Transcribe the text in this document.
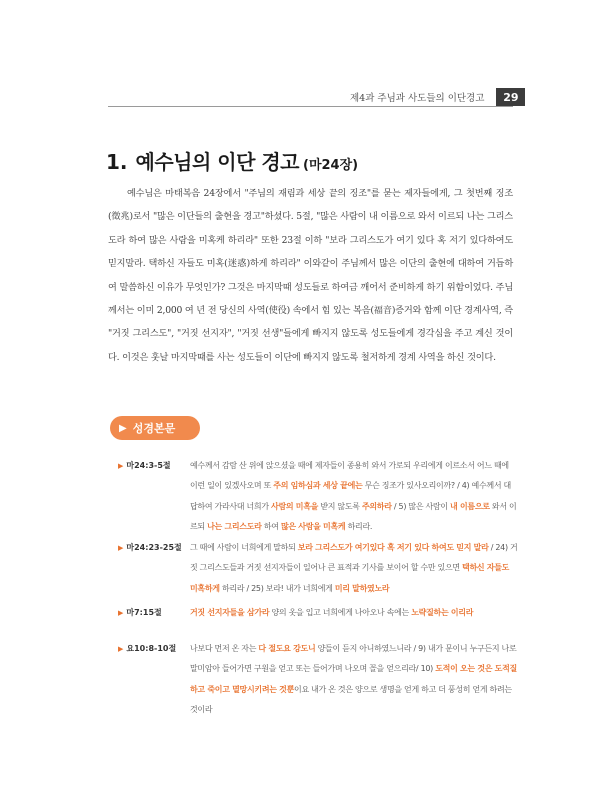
제4과 주님과 사도들의 이단경고	29
1. 예수님의 이단 경고 (마24장)
예수님은 마태복음 24장에서 "주님의 재림과 세상 끝의 징조"를 묻는 제자들에게, 그 첫번째 징조(徵兆)로서 "많은 이단들의 출현을 경고"하셨다. 5절, "많은 사람이 내 이름으로 와서 이르되 나는 그리스도라 하여 많은 사람을 미혹케 하리라" 또한 23절 이하 "보라 그리스도가 여기 있다 혹 저기 있다하여도 믿지말라. 택하신 자들도 미혹(迷惑)하게 하리라" 이와같이 주님께서 많은 이단의 출현에 대하여 거듭하여 말씀하신 이유가 무엇인가? 그것은 마지막때 성도들로 하여금 깨어서 준비하게 하기 위함이었다. 주님께서는 이미 2,000 여 년 전 당신의 사역(使役) 속에서 힘 있는 복음(福音)증거와 함께 이단 경계사역, 즉 "거짓 그리스도", "거짓 선지자", "거짓 선생"들에게 빠지지 않도록 성도들에게 경각심을 주고 계신 것이다. 이것은 훗날 마지막때를 사는 성도들이 이단에 빠지지 않도록 철저하게 경계 사역을 하신 것이다.
▶ 성경본문
▶ 마24:3-5절	예수께서 감람 산 위에 앉으셨을 때에 제자들이 종용히 와서 가로되 우리에게 이르소서 어느 때에 이런 일이 있겠사오며 또 주의 임하심과 세상 끝에는 무슨 징조가 있사오리이까? / 4) 예수께서 대답하여 가라사대 너희가 사람의 미혹을 받지 않도록 주의하라 / 5) 많은 사람이 내 이름으로 와서 이르되 나는 그리스도라 하여 많은 사람을 미혹케 하리라.
▶ 마24:23-25절	그 때에 사람이 너희에게 말하되 보라 그리스도가 여기있다 혹 저기 있다 하여도 믿지 말라 / 24) 거짓 그리스도들과 거짓 선지자들이 일어나 큰 표적과 기사를 보이어 할 수만 있으면 택하신 자들도 미혹하게 하리라 / 25) 보라! 내가 너희에게 미리 말하였노라
▶ 마7:15절	거짓 선지자들을 삼가라 양의 옷을 입고 너희에게 나아오나 속에는 노략질하는 이리라
▶ 요10:8-10절	나보다 먼저 온 자는 다 절도요 강도니 양들이 듣지 아니하였느니라 / 9) 내가 문이니 누구든지 나로 말미암아 들어가면 구원을 얻고 또는 들어가며 나오며 꼴을 얻으리라/ 10) 도적이 오는 것은 도적질하고 죽이고 멸망시키려는 것뿐이요 내가 온 것은 양으로 생명을 얻게 하고 더 풍성히 얻게 하려는 것이라
